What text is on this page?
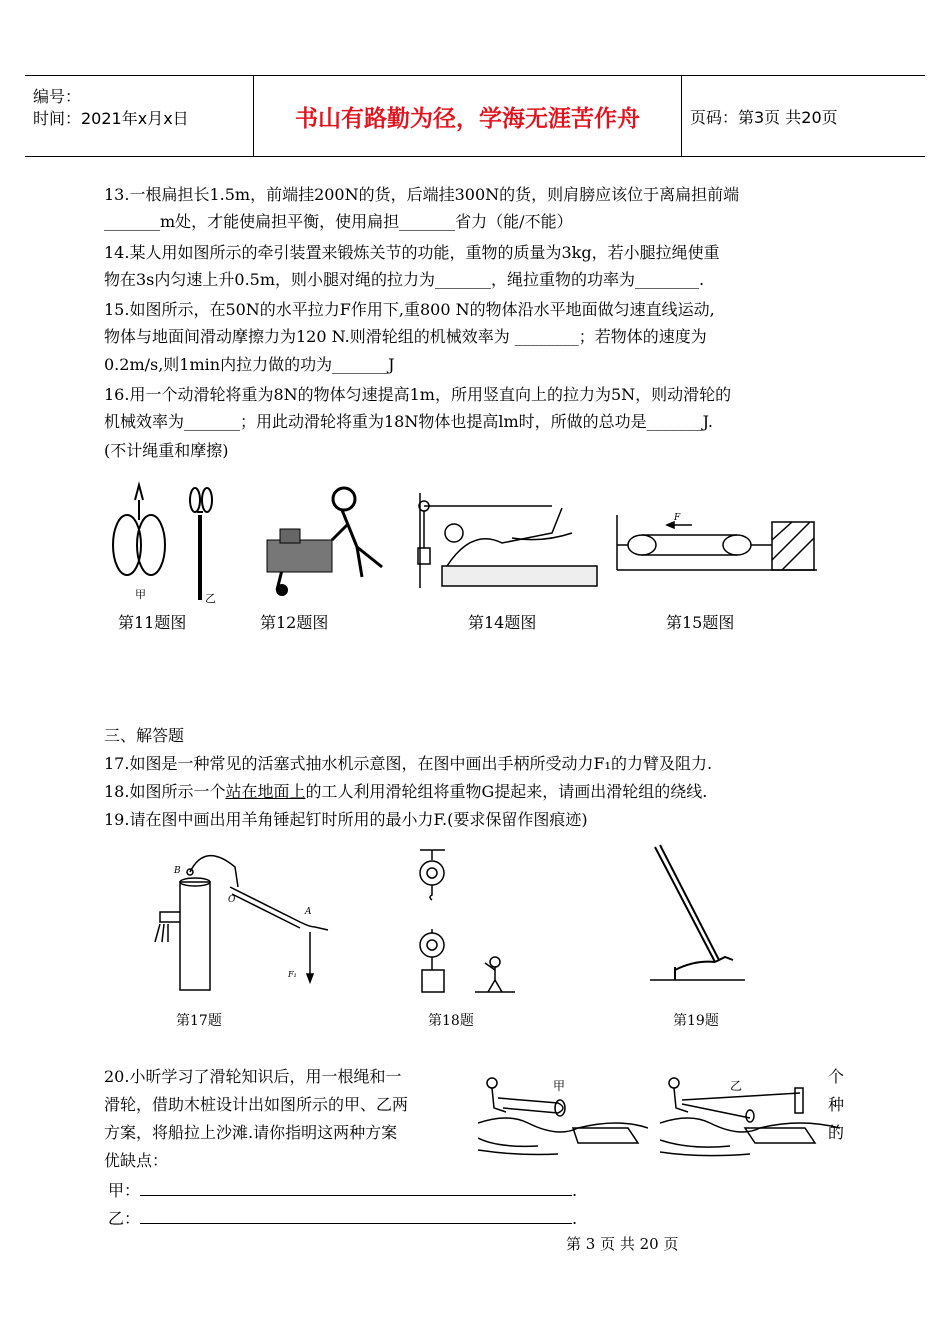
编号：
时间：2021年x月x日	书山有路勤为径，学海无涯苦作舟	页码：第3页 共20页
13.一根扁担长1.5m，前端挂200N的货，后端挂300N的货，则肩膀应该位于离扁担前端
_______m处，才能使扁担平衡，使用扁担_______省力（能/不能）
14.某人用如图所示的牵引装置来锻炼关节的功能，重物的质量为3kg，若小腿拉绳使重
物在3s内匀速上升0.5m，则小腿对绳的拉力为_______，绳拉重物的功率为________.
15.如图所示，在50N的水平拉力F作用下,重800 N的物体沿水平地面做匀速直线运动,
物体与地面间滑动摩擦力为120 N.则滑轮组的机械效率为 ________；若物体的速度为
0.2m/s,则1min内拉力做的功为_______J
16.用一个动滑轮将重为8N的物体匀速提高1m，所用竖直向上的拉力为5N，则动滑轮的
机械效率为_______；用此动滑轮将重为18N物体也提高lm时，所做的总功是_______J.
(不计绳重和摩擦)
甲	乙
F
第11题图	第12题图	第14题图	第15题图
三、解答题
17.如图是一种常见的活塞式抽水机示意图，在图中画出手柄所受动力F₁的力臂及阻力.
18.如图所示一个站在地面上的工人利用滑轮组将重物G提起来，请画出滑轮组的绕线.
19.请在图中画出用羊角锤起钉时所用的最小力F.(要求保留作图痕迹)
B
O
A
F₁
第17题	第18题	第19题
20.小昕学习了滑轮知识后，用一根绳和一
滑轮，借助木桩设计出如图所示的甲、乙两
方案，将船拉上沙滩.请你指明这两种方案
优缺点：
个
种
的
甲	乙
甲：	.
乙：	.
第 3 页 共 20 页
